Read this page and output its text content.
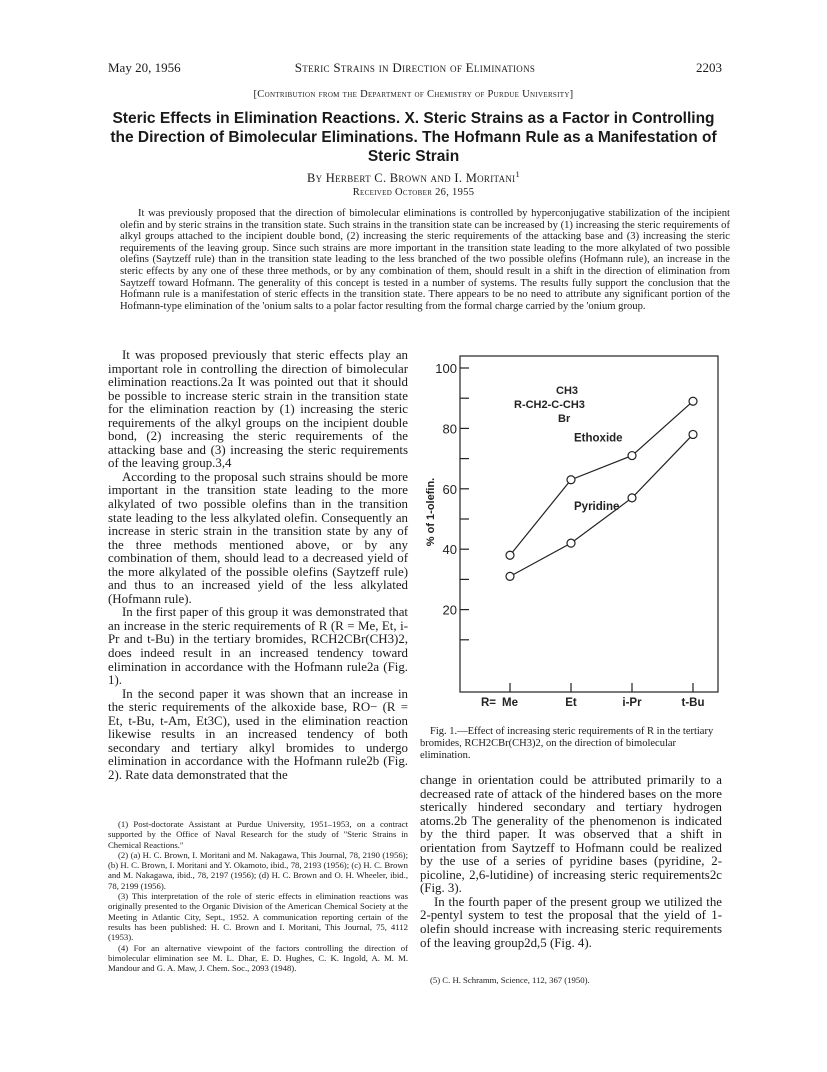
May 20, 1956	Steric Strains in Direction of Eliminations	2203
[Contribution from the Department of Chemistry of Purdue University]
Steric Effects in Elimination Reactions. X. Steric Strains as a Factor in Controlling
the Direction of Bimolecular Eliminations. The Hofmann Rule as a Manifestation of
Steric Strain
By Herbert C. Brown and I. Moritani$^1$
Received October 26, 1955
It was previously proposed that the direction of bimolecular eliminations is controlled by hyperconjugative stabilization of the incipient olefin and by steric strains in the transition state. Such strains in the transition state can be increased by (1) increasing the steric requirements of alkyl groups attached to the incipient double bond, (2) increasing the steric requirements of the attacking base and (3) increasing the steric requirements of the leaving group. Since such strains are more important in the transition state leading to the more alkylated of two possible olefins (Saytzeff rule) than in the transition state leading to the less branched of the two possible olefins (Hofmann rule), an increase in the steric effects by any one of these three methods, or by any combination of them, should result in a shift in the direction of elimination from Saytzeff toward Hofmann. The generality of this concept is tested in a number of systems. The results fully support the conclusion that the Hofmann rule is a manifestation of steric effects in the transition state. There appears to be no need to attribute any significant portion of the Hofmann-type elimination of the 'onium salts to a polar factor resulting from the formal charge carried by the 'onium group.

It was proposed previously that steric effects play an important role in controlling the direction of bimolecular elimination reactions.2a It was pointed out that it should be possible to increase steric strain in the transition state for the elimination reaction by (1) increasing the steric requirements of the alkyl groups on the incipient double bond, (2) increasing the steric requirements of the attacking base and (3) increasing the steric requirements of the leaving group.3,4

According to the proposal such strains should be more important in the transition state leading to the more alkylated of two possible olefins than in the transition state leading to the less alkylated olefin. Consequently an increase in steric strain in the transition state by any of the three methods mentioned above, or by any combination of them, should lead to a decreased yield of the more alkylated of the possible olefins (Saytzeff rule) and thus to an increased yield of the less alkylated (Hofmann rule).

In the first paper of this group it was demonstrated that an increase in the steric requirements of R (R = Me, Et, i-Pr and t-Bu) in the tertiary bromides, RCH2CBr(CH3)2, does indeed result in an increased tendency toward elimination in accordance with the Hofmann rule2a (Fig. 1).

In the second paper it was shown that an increase in the steric requirements of the alkoxide base, RO− (R = Et, t-Bu, t-Am, Et3C), used in the elimination reaction likewise results in an increased tendency of both secondary and tertiary alkyl bromides to undergo elimination in accordance with the Hofmann rule2b (Fig. 2). Rate data demonstrated that the

(1) Post-doctorate Assistant at Purdue University, 1951–1953, on a contract supported by the Office of Naval Research for the study of "Steric Strains in Chemical Reactions."

(2) (a) H. C. Brown, I. Moritani and M. Nakagawa, This Journal, 78, 2190 (1956); (b) H. C. Brown, I. Moritani and Y. Okamoto, ibid., 78, 2193 (1956); (c) H. C. Brown and M. Nakagawa, ibid., 78, 2197 (1956); (d) H. C. Brown and O. H. Wheeler, ibid., 78, 2199 (1956).

(3) This interpretation of the role of steric effects in elimination reactions was originally presented to the Organic Division of the American Chemical Society at the Meeting in Atlantic City, Sept., 1952. A communication reporting certain of the results has been published: H. C. Brown and I. Moritani, This Journal, 75, 4112 (1953).

(4) For an alternative viewpoint of the factors controlling the direction of bimolecular elimination see M. L. Dhar, E. D. Hughes, C. K. Ingold, A. M. M. Mandour and G. A. Maw, J. Chem. Soc., 2093 (1948).

20
40
60
80
100
Me	Et	i-Pr	t-Bu
R=
Ethoxide
Pyridine
CH3
R-CH2-C-CH3
Br
% of 1-olefin.
Fig. 1.—Effect of increasing steric requirements of R in the tertiary bromides, RCH2CBr(CH3)2, on the direction of bimolecular elimination.

change in orientation could be attributed primarily to a decreased rate of attack of the hindered bases on the more sterically hindered secondary and tertiary hydrogen atoms.2b The generality of the phenomenon is indicated by the third paper. It was observed that a shift in orientation from Saytzeff to Hofmann could be realized by the use of a series of pyridine bases (pyridine, 2-picoline, 2,6-lutidine) of increasing steric requirements2c (Fig. 3).

In the fourth paper of the present group we utilized the 2-pentyl system to test the proposal that the yield of 1-olefin should increase with increasing steric requirements of the leaving group2d,5 (Fig. 4).

(5) C. H. Schramm, Science, 112, 367 (1950).
